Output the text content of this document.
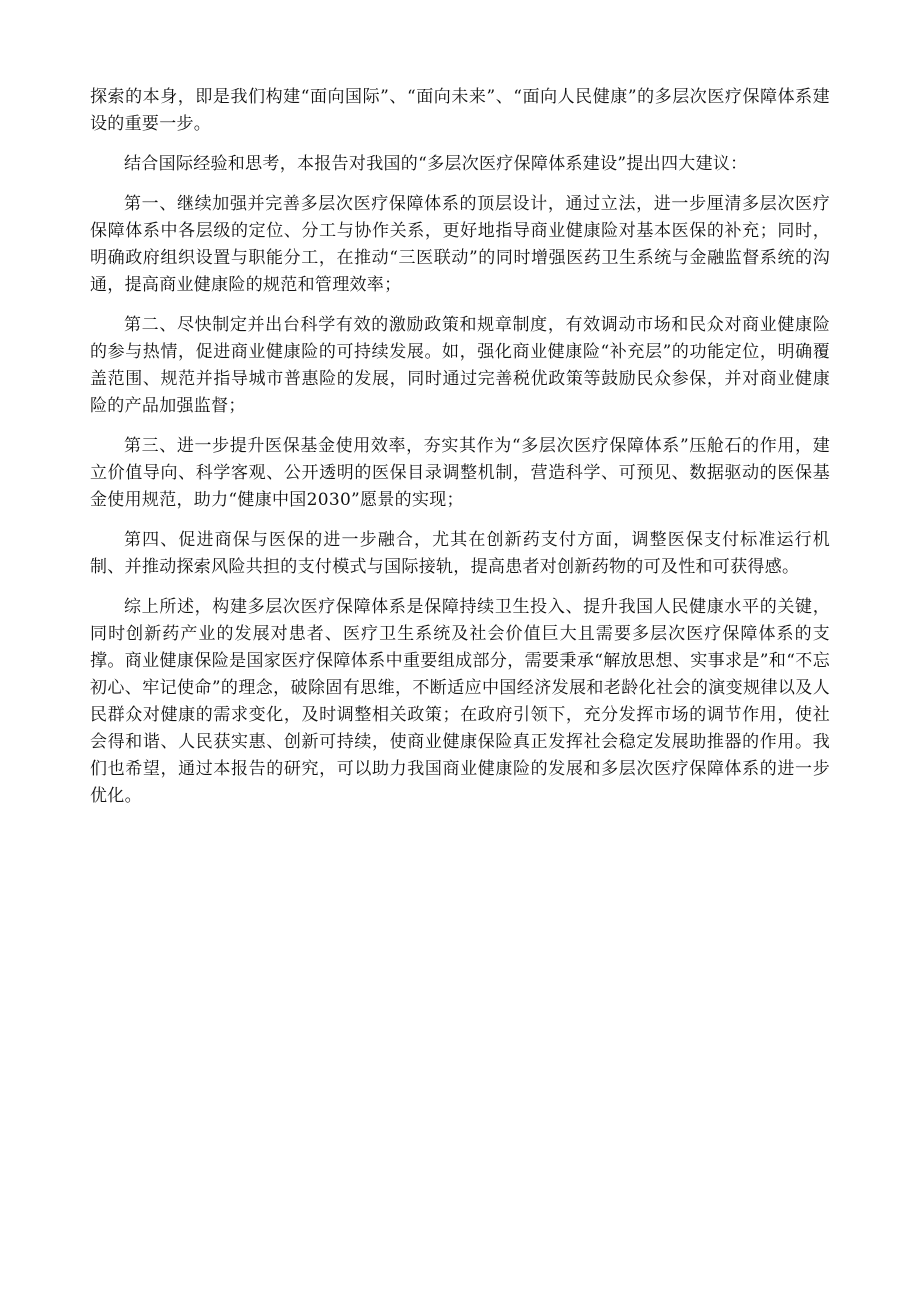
探索的本身，即是我们构建“面向国际”、“面向未来”、“面向人民健康”的多层次医疗保障体系建设的重要一步。

结合国际经验和思考，本报告对我国的“多层次医疗保障体系建设”提出四大建议：

第一、继续加强并完善多层次医疗保障体系的顶层设计，通过立法，进一步厘清多层次医疗保障体系中各层级的定位、分工与协作关系，更好地指导商业健康险对基本医保的补充；同时，明确政府组织设置与职能分工，在推动“三医联动”的同时增强医药卫生系统与金融监督系统的沟通，提高商业健康险的规范和管理效率；

第二、尽快制定并出台科学有效的激励政策和规章制度，有效调动市场和民众对商业健康险的参与热情，促进商业健康险的可持续发展。如，强化商业健康险“补充层”的功能定位，明确覆盖范围、规范并指导城市普惠险的发展，同时通过完善税优政策等鼓励民众参保，并对商业健康险的产品加强监督；

第三、进一步提升医保基金使用效率，夯实其作为“多层次医疗保障体系”压舱石的作用，建立价值导向、科学客观、公开透明的医保目录调整机制，营造科学、可预见、数据驱动的医保基金使用规范，助力“健康中国2030”愿景的实现；

第四、促进商保与医保的进一步融合，尤其在创新药支付方面，调整医保支付标准运行机制、并推动探索风险共担的支付模式与国际接轨，提高患者对创新药物的可及性和可获得感。

综上所述，构建多层次医疗保障体系是保障持续卫生投入、提升我国人民健康水平的关键，同时创新药产业的发展对患者、医疗卫生系统及社会价值巨大且需要多层次医疗保障体系的支撑。商业健康保险是国家医疗保障体系中重要组成部分，需要秉承“解放思想、实事求是”和“不忘初心、牢记使命”的理念，破除固有思维，不断适应中国经济发展和老龄化社会的演变规律以及人民群众对健康的需求变化，及时调整相关政策；在政府引领下，充分发挥市场的调节作用，使社会得和谐、人民获实惠、创新可持续，使商业健康保险真正发挥社会稳定发展助推器的作用。我们也希望，通过本报告的研究，可以助力我国商业健康险的发展和多层次医疗保障体系的进一步优化。
